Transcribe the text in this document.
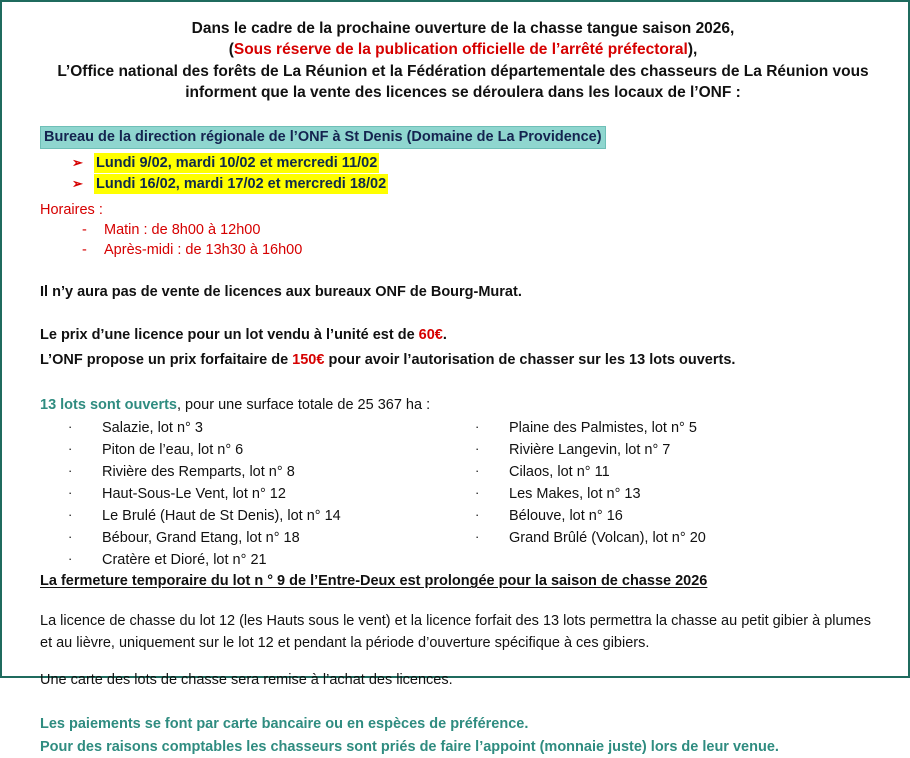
Dans le cadre de la prochaine ouverture de la chasse tangue saison 2026,
(Sous réserve de la publication officielle de l’arrêté préfectoral),
L’Office national des forêts de La Réunion et la Fédération départementale des chasseurs de La Réunion vous informent que la vente des licences se déroulera dans les locaux de l’ONF :
Bureau de la direction régionale de l’ONF à St Denis (Domaine de La Providence)
➢ Lundi 9/02, mardi 10/02 et mercredi 11/02
➢ Lundi 16/02, mardi 17/02 et mercredi 18/02
Horaires :
-	Matin : de 8h00 à 12h00
-	Après-midi : de 13h30 à 16h00
Il n’y aura pas de vente de licences aux bureaux ONF de Bourg-Murat.
Le prix d’une licence pour un lot vendu à l’unité est de 60€.
L’ONF propose un prix forfaitaire de 150€ pour avoir l’autorisation de chasser sur les 13 lots ouverts.
13 lots sont ouverts, pour une surface totale de 25 367 ha :
·	Salazie, lot n° 3
·	Piton de l’eau, lot n° 6
·	Rivière des Remparts, lot n° 8
·	Haut-Sous-Le Vent, lot n° 12
·	Le Brulé (Haut de St Denis), lot n° 14
·	Bébour, Grand Etang, lot n° 18
·	Cratère et Dioré, lot n° 21
·	Plaine des Palmistes, lot n° 5
·	Rivière Langevin, lot n° 7
·	Cilaos, lot n° 11
·	Les Makes, lot n° 13
·	Bélouve, lot n° 16
·	Grand Brûlé (Volcan), lot n° 20
La fermeture temporaire du lot n ° 9 de l’Entre-Deux est prolongée pour la saison de chasse 2026
La licence de chasse du lot 12 (les Hauts sous le vent) et la licence forfait des 13 lots permettra la chasse au petit gibier à plumes et au lièvre, uniquement sur le lot 12 et pendant la période d’ouverture spécifique à ces gibiers.
Une carte des lots de chasse sera remise à l’achat des licences.
Les paiements se font par carte bancaire ou en espèces de préférence.
Pour des raisons comptables les chasseurs sont priés de faire l’appoint (monnaie juste) lors de leur venue.
